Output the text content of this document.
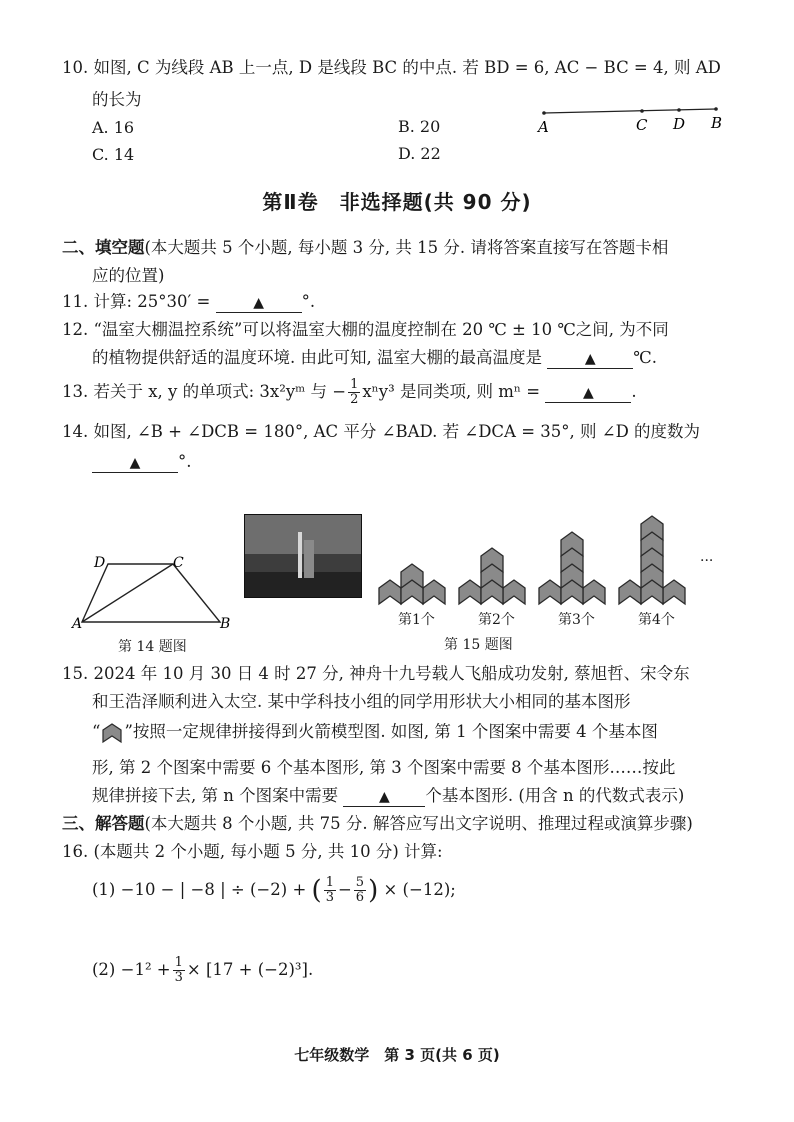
10. 如图, C 为线段 AB 上一点, D 是线段 BC 的中点. 若 BD = 6, AC − BC = 4, 则 AD
的长为
A. 16	B. 20
C. 14	D. 22
A	C D B
第Ⅱ卷　非选择题(共 90 分)
二、填空题(本大题共 5 个小题, 每小题 3 分, 共 15 分. 请将答案直接写在答题卡相
应的位置)
11. 计算: 25°30′ =	▲ °.
12. “温室大棚温控系统”可以将温室大棚的温度控制在 20 ℃ ± 10 ℃之间, 为不同
的植物提供舒适的温度环境. 由此可知, 温室大棚的最高温度是	▲ ℃.
13. 若关于 x, y 的单项式: 3x²yᵐ 与 − $\frac{1}{2} x^ny^3$ 是同类项, 则 mⁿ =	▲ .
14. 如图, ∠B + ∠DCB = 180°, AC 平分 ∠BAD. 若 ∠DCA = 35°, 则 ∠D 的度数为
▲ °.
D	C
A	B
第 14 题图
第1个	第2个	第3个	第4个
···
第 15 题图
15. 2024 年 10 月 30 日 4 时 27 分, 神舟十九号载人飞船成功发射, 蔡旭哲、宋令东
和王浩泽顺利进入太空. 某中学科技小组的同学用形状大小相同的基本图形
“ ”按照一定规律拼接得到火箭模型图. 如图, 第 1 个图案中需要 4 个基本图
形, 第 2 个图案中需要 6 个基本图形, 第 3 个图案中需要 8 个基本图形……按此
规律拼接下去, 第 n 个图案中需要	▲ 个基本图形. (用含 n 的代数式表示)
三、解答题(本大题共 8 个小题, 共 75 分. 解答应写出文字说明、推理过程或演算步骤)
16. (本题共 2 个小题, 每小题 5 分, 共 10 分) 计算:
(1) −10 − | −8 | ÷ (−2) + ( $\frac{1}{3} - \frac{5}{6}$ ) × (−12);
$(2) -1^2 + \frac{1}{3} \times [17 + (-2)^3]$.
七年级数学　第 3 页(共 6 页)
